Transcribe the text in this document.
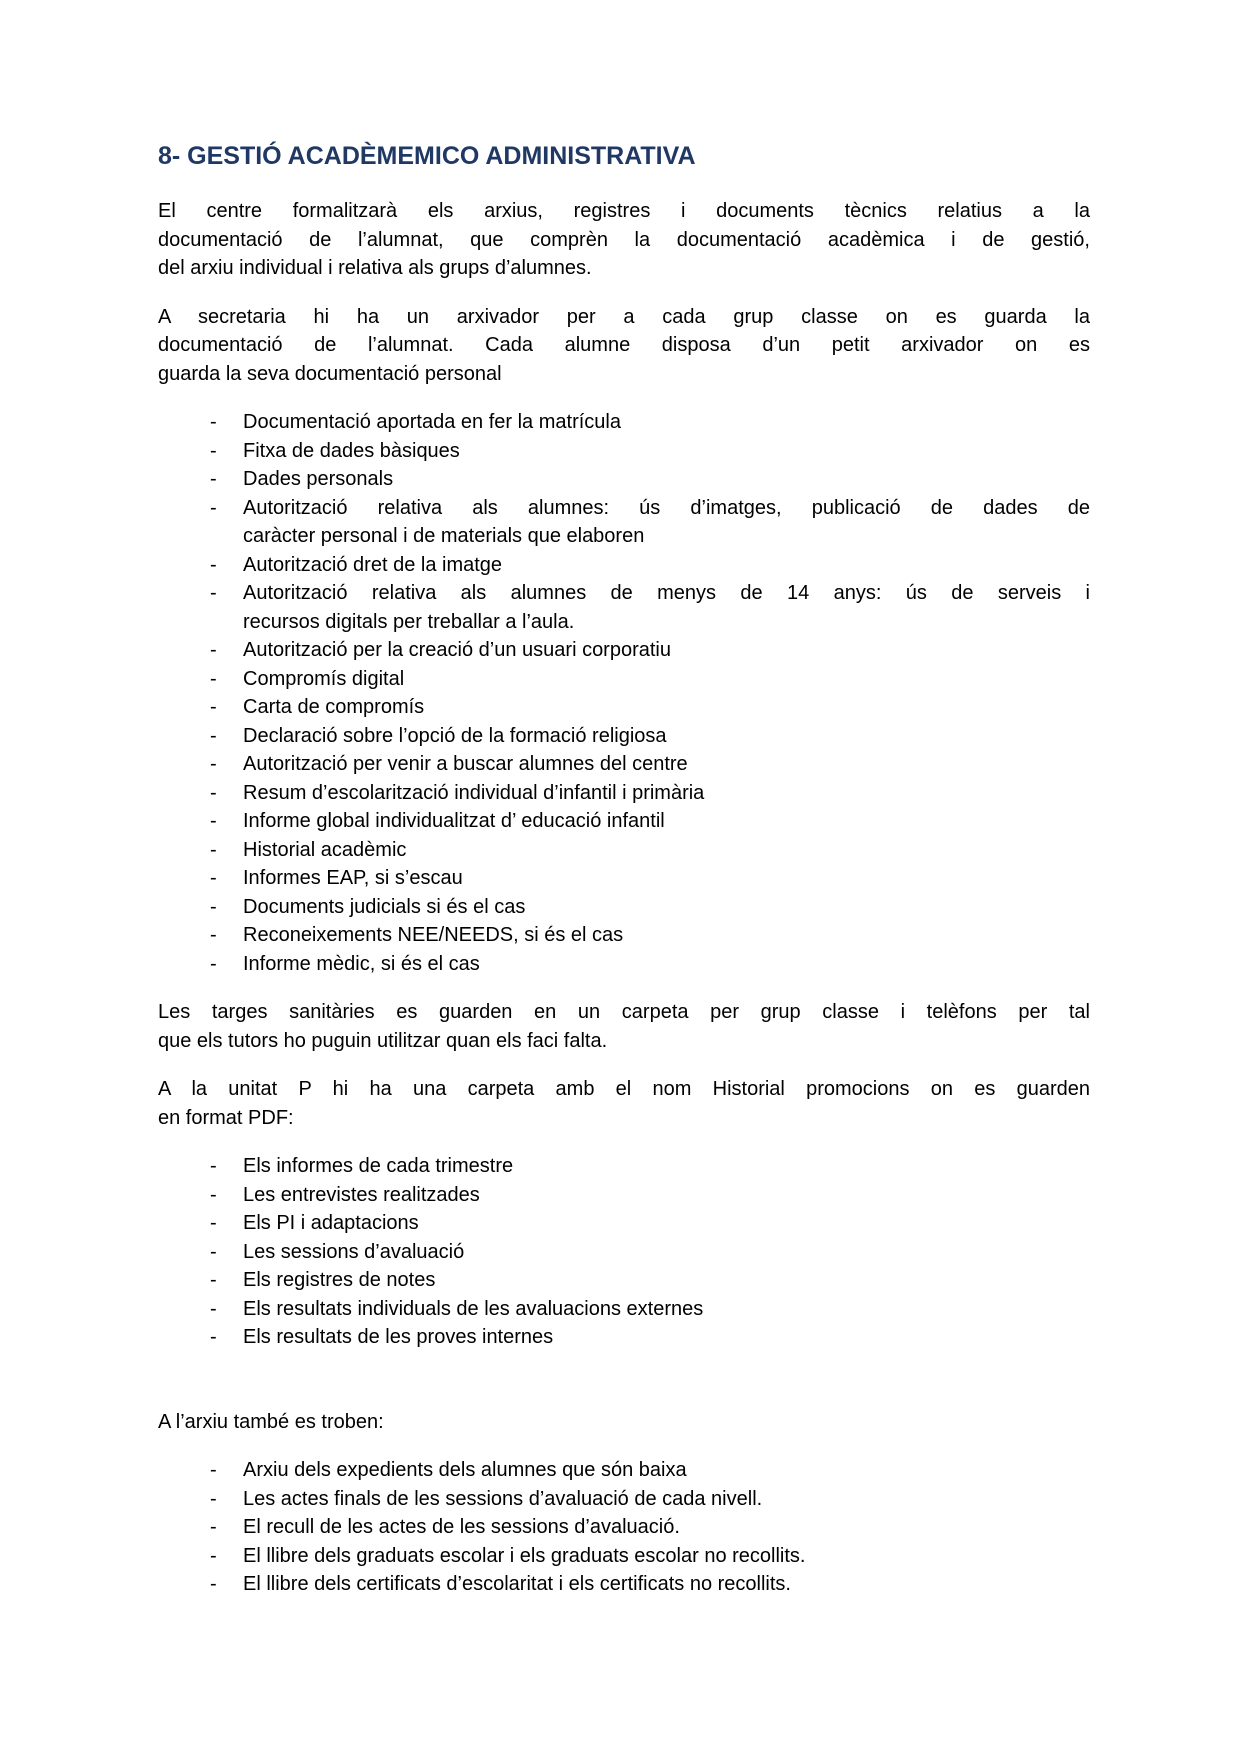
8- GESTIÓ ACADÈMEMICO ADMINISTRATIVA
El centre formalitzarà els arxius, registres i documents tècnics relatius a la
documentació de l’alumnat, que comprèn la documentació acadèmica i de gestió,
del arxiu individual i relativa als grups d’alumnes.
A secretaria hi ha un arxivador per a cada grup classe on es guarda la
documentació de l’alumnat. Cada alumne disposa d’un petit arxivador on es
guarda la seva documentació personal
- Documentació aportada en fer la matrícula
- Fitxa de dades bàsiques
- Dades personals
- Autorització relativa als alumnes: ús d’imatges, publicació de dades de
caràcter personal i de materials que elaboren
- Autorització dret de la imatge
- Autorització relativa als alumnes de menys de 14 anys: ús de serveis i
recursos digitals per treballar a l’aula.
- Autorització per la creació d’un usuari corporatiu
- Compromís digital
- Carta de compromís
- Declaració sobre l’opció de la formació religiosa
- Autorització per venir a buscar alumnes del centre
- Resum d’escolarització individual d’infantil i primària
- Informe global individualitzat d’ educació infantil
- Historial acadèmic
- Informes EAP, si s’escau
- Documents judicials si és el cas
- Reconeixements NEE/NEEDS, si és el cas
- Informe mèdic, si és el cas
Les targes sanitàries es guarden en un carpeta per grup classe i telèfons per tal
que els tutors ho puguin utilitzar quan els faci falta.
A la unitat P hi ha una carpeta amb el nom Historial promocions on es guarden
en format PDF:
- Els informes de cada trimestre
- Les entrevistes realitzades
- Els PI i adaptacions
- Les sessions d’avaluació
- Els registres de notes
- Els resultats individuals de les avaluacions externes
- Els resultats de les proves internes
A l’arxiu també es troben:
- Arxiu dels expedients dels alumnes que són baixa
- Les actes finals de les sessions d’avaluació de cada nivell.
- El recull de les actes de les sessions d’avaluació.
- El llibre dels graduats escolar i els graduats escolar no recollits.
- El llibre dels certificats d’escolaritat i els certificats no recollits.
